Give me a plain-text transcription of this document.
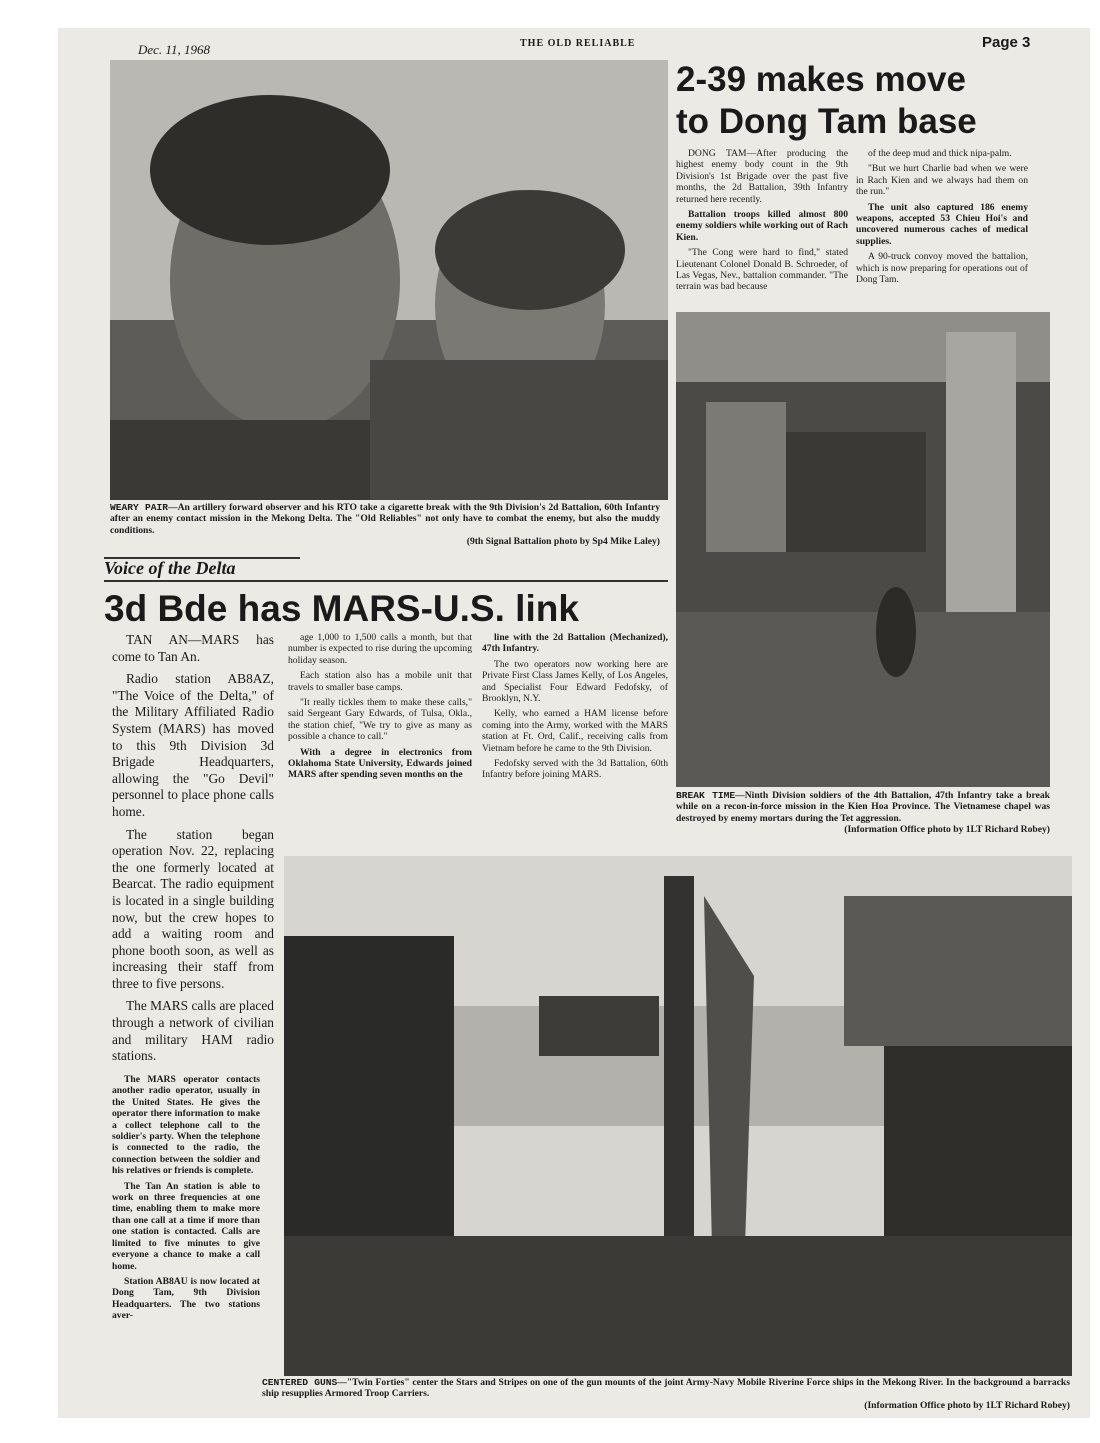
Dec. 11, 1968	THE OLD RELIABLE	Page 3
WEARY PAIR—An artillery forward observer and his RTO take a cigarette break with the 9th Division's 2d Battalion, 60th Infantry after an enemy contact mission in the Mekong Delta. The "Old Reliables" not only have to combat the enemy, but also the muddy conditions.
(9th Signal Battalion photo by Sp4 Mike Laley)
2-39 makes move
to Dong Tam base

DONG TAM—After producing the highest enemy body count in the 9th Division's 1st Brigade over the past five months, the 2d Battalion, 39th Infantry returned here recently.

Battalion troops killed almost 800 enemy soldiers while working out of Rach Kien.

"The Cong were hard to find," stated Lieutenant Colonel Donald B. Schroeder, of Las Vegas, Nev., battalion commander. "The terrain was bad because

of the deep mud and thick nipa-palm.

"But we hurt Charlie bad when we were in Rach Kien and we always had them on the run."

The unit also captured 186 enemy weapons, accepted 53 Chieu Hoi's and uncovered numerous caches of medical supplies.

A 90-truck convoy moved the battalion, which is now preparing for operations out of Dong Tam.

BREAK TIME—Ninth Division soldiers of the 4th Battalion, 47th Infantry take a break while on a recon-in-force mission in the Kien Hoa Province. The Vietnamese chapel was destroyed by enemy mortars during the Tet aggression.
(Information Office photo by 1LT Richard Robey)
Voice of the Delta
3d Bde has MARS-U.S. link

TAN AN—MARS has come to Tan An.

Radio station AB8AZ, "The Voice of the Delta," of the Military Affiliated Radio System (MARS) has moved to this 9th Division 3d Brigade Headquarters, allowing the "Go Devil" personnel to place phone calls home.

The station began operation Nov. 22, replacing the one formerly located at Bearcat. The radio equipment is located in a single building now, but the crew hopes to add a waiting room and phone booth soon, as well as increasing their staff from three to five persons.

The MARS calls are placed through a network of civilian and military HAM radio stations.

The MARS operator contacts another radio operator, usually in the United States. He gives the operator there information to make a collect telephone call to the soldier's party. When the telephone is connected to the radio, the connection between the soldier and his relatives or friends is complete.

The Tan An station is able to work on three frequencies at one time, enabling them to make more than one call at a time if more than one station is contacted. Calls are limited to five minutes to give everyone a chance to make a call home.

Station AB8AU is now located at Dong Tam, 9th Division Headquarters. The two stations aver-

age 1,000 to 1,500 calls a month, but that number is expected to rise during the upcoming holiday season.

Each station also has a mobile unit that travels to smaller base camps.

"It really tickles them to make these calls," said Sergeant Gary Edwards, of Tulsa, Okla., the station chief, "We try to give as many as possible a chance to call."

With a degree in electronics from Oklahoma State University, Edwards joined MARS after spending seven months on the

line with the 2d Battalion (Mechanized), 47th Infantry.

The two operators now working here are Private First Class James Kelly, of Los Angeles, and Specialist Four Edward Fedofsky, of Brooklyn, N.Y.

Kelly, who earned a HAM license before coming into the Army, worked with the MARS station at Ft. Ord, Calif., receiving calls from Vietnam before he came to the 9th Division.

Fedofsky served with the 3d Battalion, 60th Infantry before joining MARS.

CENTERED GUNS—"Twin Forties" center the Stars and Stripes on one of the gun mounts of the joint Army-Navy Mobile Riverine Force ships in the Mekong River. In the background a barracks ship resupplies Armored Troop Carriers.
(Information Office photo by 1LT Richard Robey)
